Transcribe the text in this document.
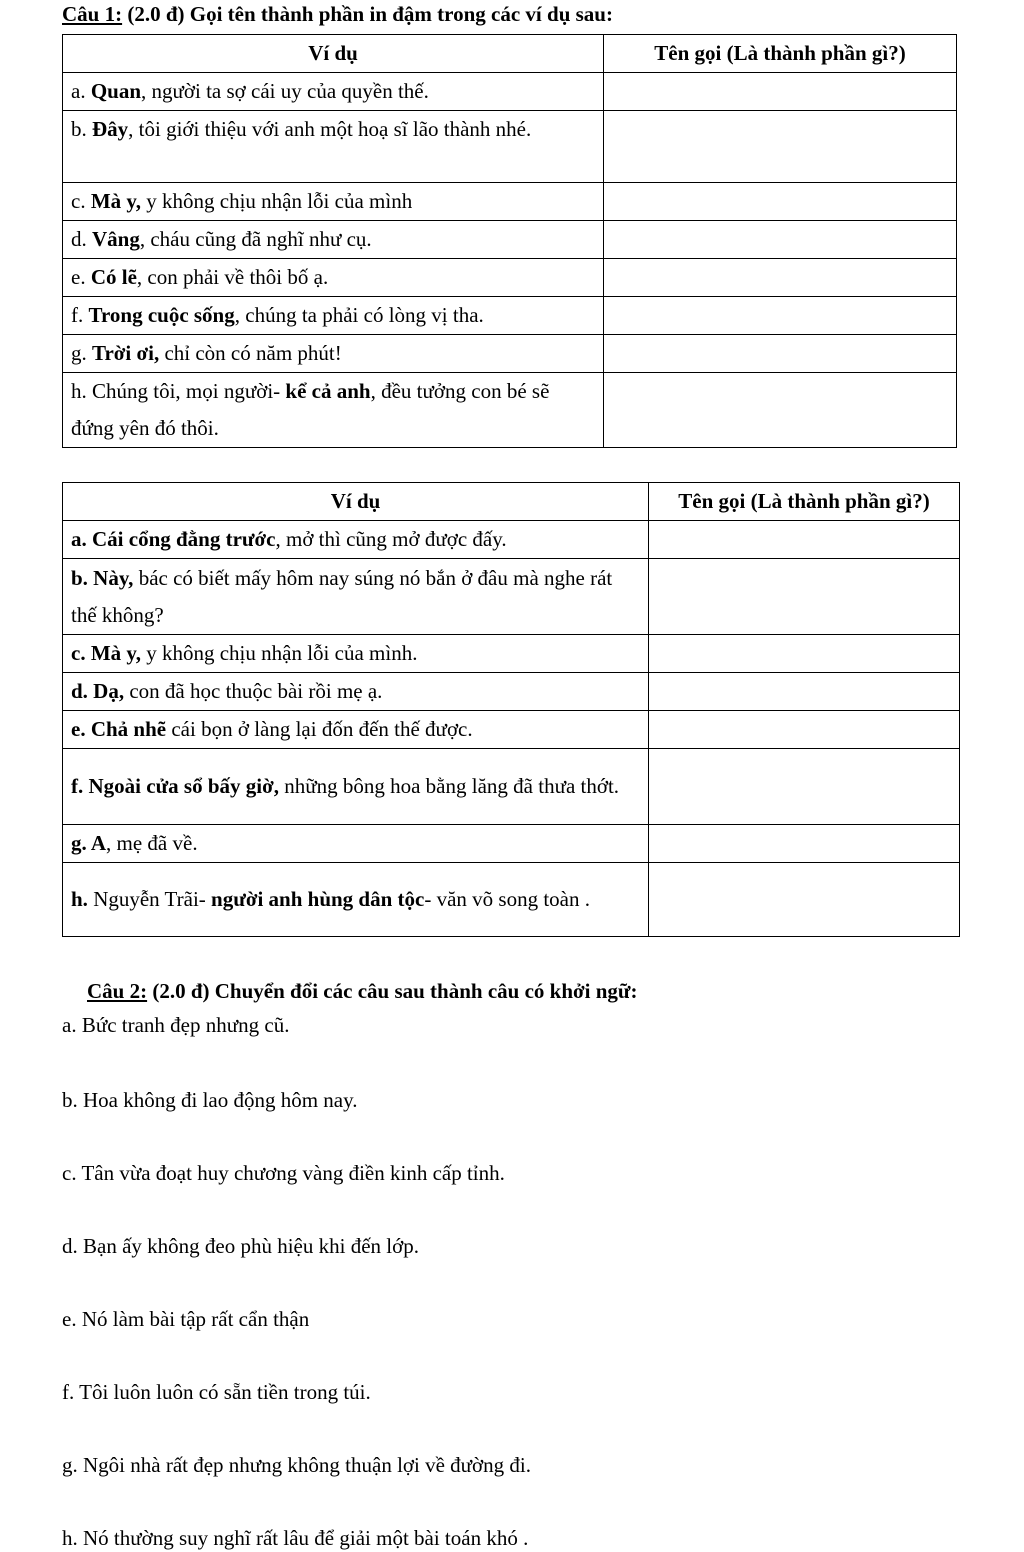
Câu 1: (2.0 đ) Gọi tên thành phần in đậm trong các ví dụ sau:
Ví dụ	Tên gọi (Là thành phần gì?)
a. Quan, người ta sợ cái uy của quyền thế.	
b. Đây, tôi giới thiệu với anh một hoạ sĩ lão thành nhé.	
c. Mà y, y không chịu nhận lỗi của mình	
d. Vâng, cháu cũng đã nghĩ như cụ.	
e. Có lẽ, con phải về thôi bố ạ.	
f. Trong cuộc sống, chúng ta phải có lòng vị tha.	
g. Trời ơi, chỉ còn có năm phút!	
h. Chúng tôi, mọi người- kể cả anh, đều tưởng con bé sẽ đứng yên đó thôi.	
Ví dụ	Tên gọi (Là thành phần gì?)
a. Cái cổng đằng trước, mở thì cũng mở được đấy.	
b. Này, bác có biết mấy hôm nay súng nó bắn ở đâu mà nghe rát thế không?	
c. Mà y, y không chịu nhận lỗi của mình.	
d. Dạ, con đã học thuộc bài rồi mẹ ạ.	
e. Chả nhẽ cái bọn ở làng lại đốn đến thế được.	
f. Ngoài cửa sổ bấy giờ, những bông hoa bằng lăng đã thưa thớt.	
g. A, mẹ đã về.	
h. Nguyễn Trãi- người anh hùng dân tộc- văn võ song toàn .	
Câu 2: (2.0 đ) Chuyển đổi các câu sau thành câu có khởi ngữ:
a. Bức tranh đẹp nhưng cũ.
b. Hoa không đi lao động hôm nay.
c. Tân vừa đoạt huy chương vàng điền kinh cấp tỉnh.
d. Bạn ấy không đeo phù hiệu khi đến lớp.
e. Nó làm bài tập rất cẩn thận
f. Tôi luôn luôn có sẵn tiền trong túi.
g. Ngôi nhà rất đẹp nhưng không thuận lợi về đường đi.
h. Nó thường suy nghĩ rất lâu để giải một bài toán khó .
